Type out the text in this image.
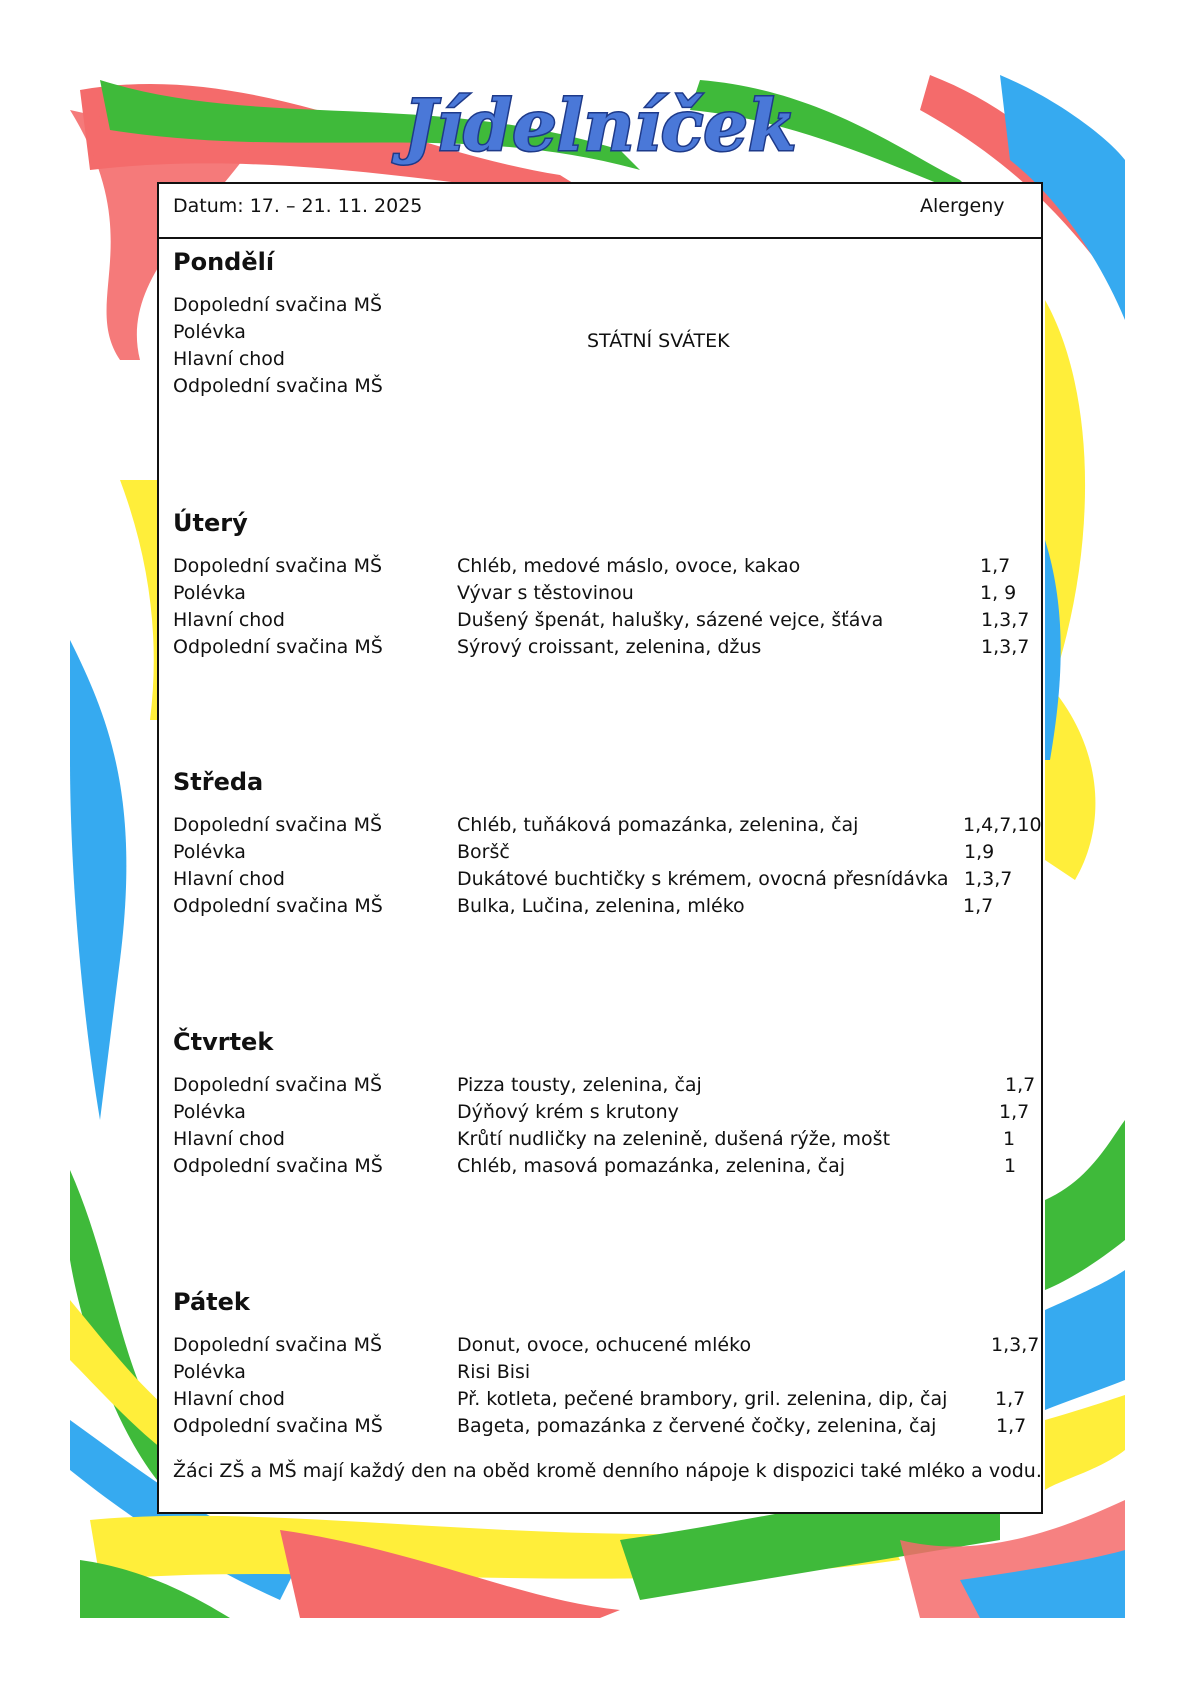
Jídelníček
Datum: 17. – 21. 11. 2025	Alergeny
Pondělí
Dopolední svačina MŠ
Polévka
Hlavní chod
Odpolední svačina MŠ
STÁTNÍ SVÁTEK
Úterý
Dopolední svačina MŠ	Chléb, medové máslo, ovoce, kakao	1,7
Polévka	Vývar s těstovinou	1, 9
Hlavní chod	Dušený špenát, halušky, sázené vejce, šťáva	1,3,7
Odpolední svačina MŠ	Sýrový croissant, zelenina, džus	1,3,7
Středa
Dopolední svačina MŠ	Chléb, tuňáková pomazánka, zelenina, čaj	1,4,7,10
Polévka	Boršč	1,9
Hlavní chod	Dukátové buchtičky s krémem, ovocná přesnídávka 1,3,7
Odpolední svačina MŠ	Bulka, Lučina, zelenina, mléko	1,7
Čtvrtek
Dopolední svačina MŠ	Pizza tousty, zelenina, čaj	1,7
Polévka	Dýňový krém s krutony	1,7
Hlavní chod	Krůtí nudličky na zelenině, dušená rýže, mošt	1
Odpolední svačina MŠ	Chléb, masová pomazánka, zelenina, čaj	1
Pátek
Dopolední svačina MŠ	Donut, ovoce, ochucené mléko	1,3,7
Polévka	Risi Bisi
Hlavní chod	Př. kotleta, pečené brambory, gril. zelenina, dip, čaj	1,7
Odpolední svačina MŠ	Bageta, pomazánka z červené čočky, zelenina, čaj	1,7
Žáci ZŠ a MŠ mají každý den na oběd kromě denního nápoje k dispozici také mléko a vodu.
